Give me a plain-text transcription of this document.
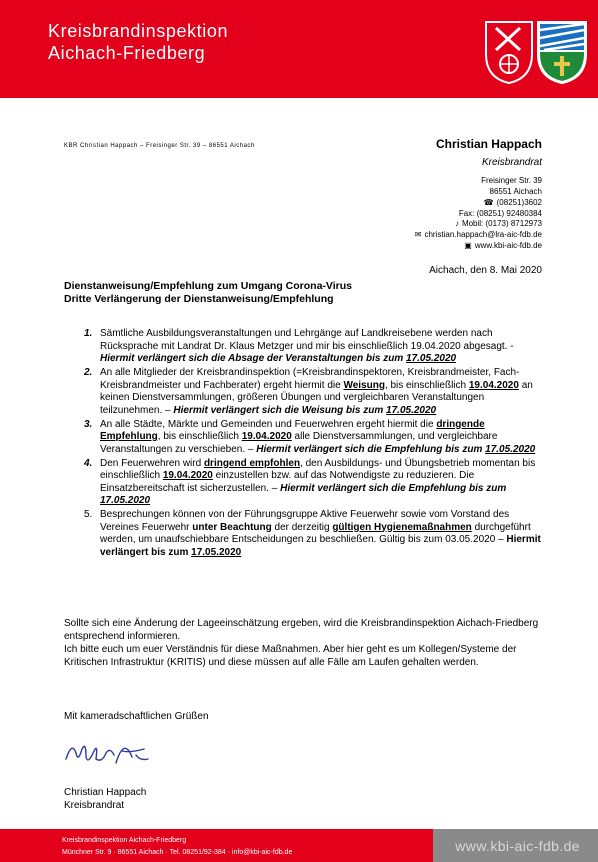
Kreisbrandinspektion
Aichach-Friedberg
KBR Christian Happach – Freisinger Str. 39 – 86551 Aichach	Christian Happach
Kreisbrandrat
Freisinger Str. 39
86551 Aichach
☎ (08251)3602
Fax: (08251) 92480384
♪ Mobil: (0173) 8712973
✉ christian.happach@lra-aic-fdb.de
▣ www.kbi-aic-fdb.de
Aichach, den 8. Mai 2020
Dienstanweisung/Empfehlung zum Umgang Corona-Virus
Dritte Verlängerung der Dienstanweisung/Empfehlung
1. Sämtliche Ausbildungsveranstaltungen und Lehrgänge auf Landkreisebene werden nach Rücksprache mit Landrat Dr. Klaus Metzger und mir bis einschließlich 19.04.2020 abgesagt. - Hiermit verlängert sich die Absage der Veranstaltungen bis zum 17.05.2020
2. An alle Mitglieder der Kreisbrandinspektion (=Kreisbrandinspektoren, Kreisbrandmeister, Fach-Kreisbrandmeister und Fachberater) ergeht hiermit die Weisung, bis einschließlich 19.04.2020 an keinen Dienstversammlungen, größeren Übungen und vergleichbaren Veranstaltungen teilzunehmen. – Hiermit verlängert sich die Weisung bis zum 17.05.2020
3. An alle Städte, Märkte und Gemeinden und Feuerwehren ergeht hiermit die dringende Empfehlung, bis einschließlich 19.04.2020 alle Dienstversammlungen, und vergleichbare Veranstaltungen zu verschieben. – Hiermit verlängert sich die Empfehlung bis zum 17.05.2020
4. Den Feuerwehren wird dringend empfohlen, den Ausbildungs- und Übungsbetrieb momentan bis einschließlich 19.04.2020 einzustellen bzw. auf das Notwendigste zu reduzieren. Die Einsatzbereitschaft ist sicherzustellen. – Hiermit verlängert sich die Empfehlung bis zum 17.05.2020
5. Besprechungen können von der Führungsgruppe Aktive Feuerwehr sowie vom Vorstand des Vereines Feuerwehr unter Beachtung der derzeitig gültigen Hygienemaßnahmen durchgeführt werden, um unaufschiebbare Entscheidungen zu beschließen. Gültig bis zum 03.05.2020 – Hiermit verlängert bis zum 17.05.2020

Sollte sich eine Änderung der Lageeinschätzung ergeben, wird die Kreisbrandinspektion Aichach-Friedberg entsprechend informieren.

Ich bitte euch um euer Verständnis für diese Maßnahmen. Aber hier geht es um Kollegen/Systeme der Kritischen Infrastruktur (KRITIS) und diese müssen auf alle Fälle am Laufen gehalten werden.

Mit kameradschaftlichen Grüßen
Christian Happach
Kreisbrandrat
Kreisbrandinspektion Aichach-Friedberg
Münchner Str. 9 · 86551 Aichach · Tel. 08251/92-384 · info@kbi-aic-fdb.de	www.kbi-aic-fdb.de
